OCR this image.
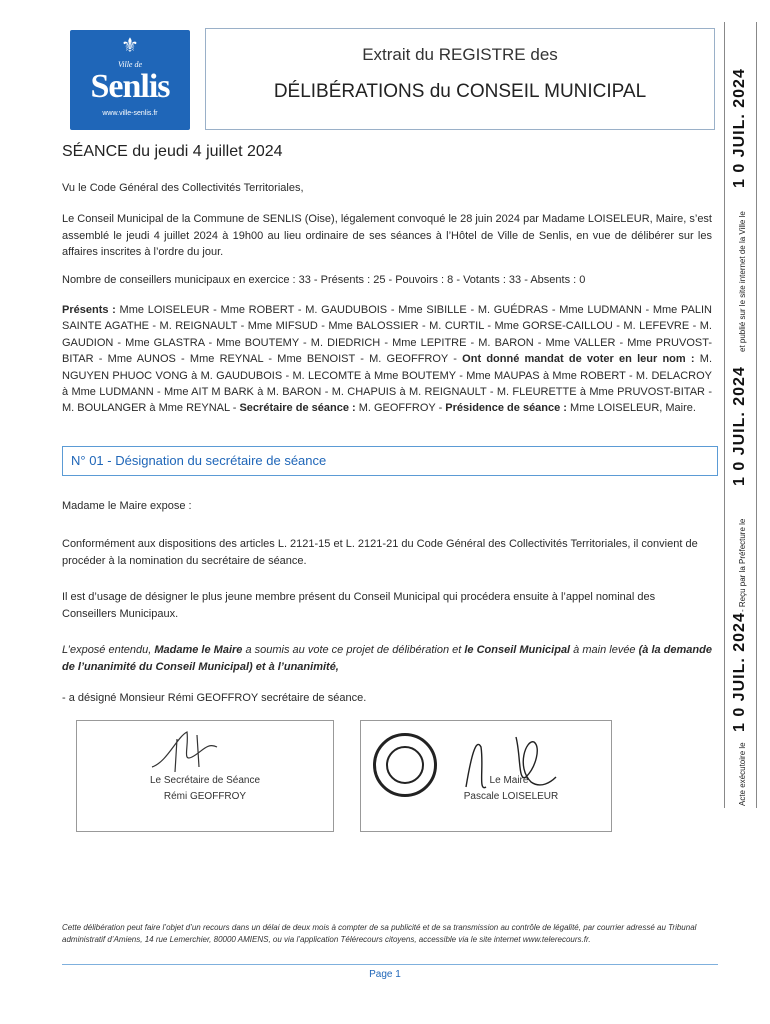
⚜
Ville de
Senlis
www.ville-senlis.fr
Extrait du REGISTRE des
DÉLIBÉRATIONS du CONSEIL MUNICIPAL
SÉANCE du jeudi 4 juillet 2024
Vu le Code Général des Collectivités Territoriales,
Le Conseil Municipal de la Commune de SENLIS (Oise), légalement convoqué le 28 juin 2024 par Madame LOISELEUR, Maire, s’est assemblé le jeudi 4 juillet 2024 à 19h00 au lieu ordinaire de ses séances à l’Hôtel de Ville de Senlis, en vue de délibérer sur les affaires inscrites à l’ordre du jour.
Nombre de conseillers municipaux en exercice : 33 - Présents : 25 - Pouvoirs : 8 - Votants : 33 - Absents : 0
Présents : Mme LOISELEUR - Mme ROBERT - M. GAUDUBOIS - Mme SIBILLE - M. GUÉDRAS - Mme LUDMANN - Mme PALIN SAINTE AGATHE - M. REIGNAULT - Mme MIFSUD - Mme BALOSSIER - M. CURTIL - Mme GORSE-CAILLOU - M. LEFEVRE - M. GAUDION - Mme GLASTRA - Mme BOUTEMY - M. DIEDRICH - Mme LEPITRE - M. BARON - Mme VALLER - Mme PRUVOST-BITAR - Mme AUNOS - Mme REYNAL - Mme BENOIST - M. GEOFFROY - Ont donné mandat de voter en leur nom : M. NGUYEN PHUOC VONG à M. GAUDUBOIS - M. LECOMTE à Mme BOUTEMY - Mme MAUPAS à Mme ROBERT - M. DELACROY à Mme LUDMANN - Mme AIT M BARK à M. BARON - M. CHAPUIS à M. REIGNAULT - M. FLEURETTE à Mme PRUVOST-BITAR - M. BOULANGER à Mme REYNAL - Secrétaire de séance : M. GEOFFROY - Présidence de séance : Mme LOISELEUR, Maire.
N° 01 - Désignation du secrétaire de séance
Madame le Maire expose :
Conformément aux dispositions des articles L. 2121-15 et L. 2121-21 du Code Général des Collectivités Territoriales, il convient de procéder à la nomination du secrétaire de séance.
Il est d’usage de désigner le plus jeune membre présent du Conseil Municipal qui procédera ensuite à l’appel nominal des Conseillers Municipaux.
L’exposé entendu, Madame le Maire a soumis au vote ce projet de délibération et le Conseil Municipal à main levée (à la demande de l’unanimité du Conseil Municipal) et à l’unanimité,
- a désigné Monsieur Rémi GEOFFROY secrétaire de séance.
Le Secrétaire de Séance
Rémi GEOFFROY
Le Maire
Pascale LOISELEUR
Cette délibération peut faire l’objet d’un recours dans un délai de deux mois à compter de sa publicité et de sa transmission au contrôle de légalité, par courrier adressé au Tribunal administratif d’Amiens, 14 rue Lemerchier, 80000 AMIENS, ou via l’application Télérecours citoyens, accessible via le site internet www.telerecours.fr.
Page 1
1 0 JUIL. 2024
et publié sur le site internet de la Ville le
1 0 JUIL. 2024
- Reçu par la Préfecture le
1 0 JUIL. 2024
Acte exécutoire le
